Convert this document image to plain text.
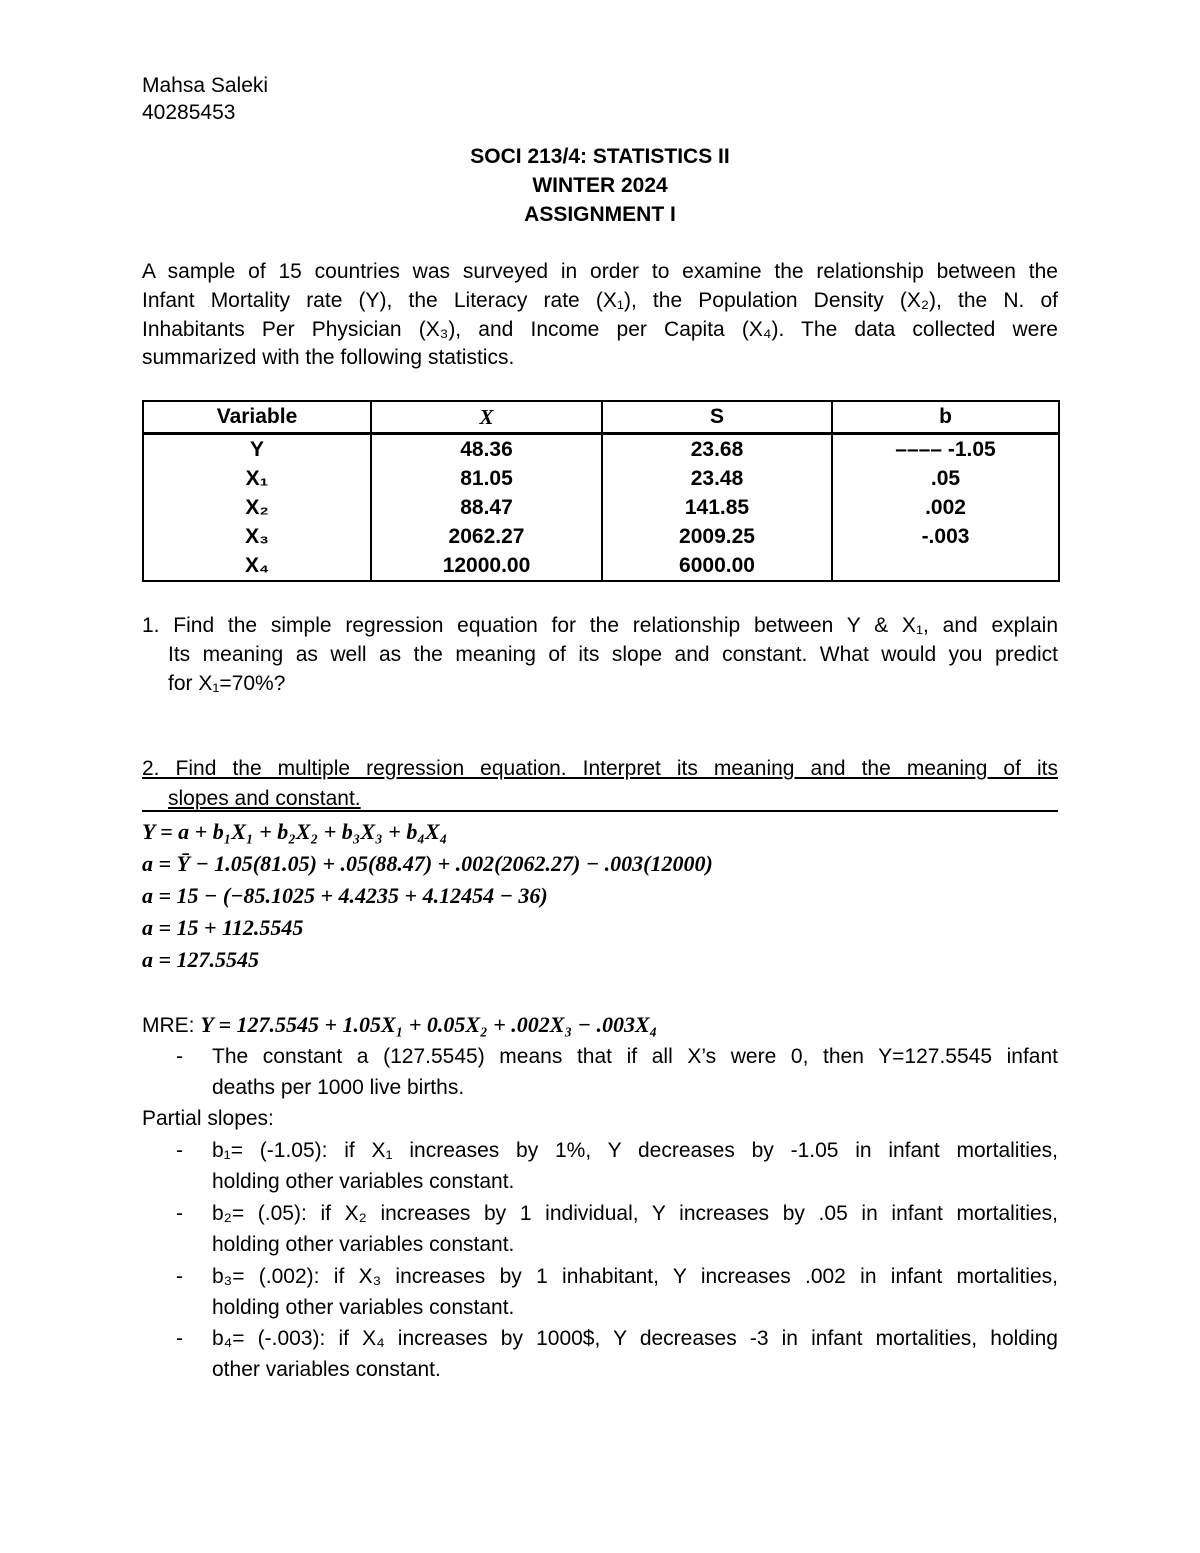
Mahsa Saleki
40285453
SOCI 213/4: STATISTICS II
WINTER 2024
ASSIGNMENT I
A sample of 15 countries was surveyed in order to examine the relationship between the
Infant Mortality rate (Y), the Literacy rate (X₁), the Population Density (X₂), the N. of
Inhabitants Per Physician (X₃), and Income per Capita (X₄). The data collected were
summarized with the following statistics.
Variable	X	S	b
Y	48.36	23.68	–––– -1.05
X₁	81.05	23.48	.05
X₂	88.47	141.85	.002
X₃	2062.27	2009.25	-.003
X₄	12000.00	6000.00	
1. Find the simple regression equation for the relationship between Y & X₁, and explain
Its meaning as well as the meaning of its slope and constant. What would you predict
for X₁=70%?
2. Find the multiple regression equation. Interpret its meaning and the meaning of its
slopes and constant.
Y = a + b₁X₁ + b₂X₂ + b₃X₃ + b₄X₄
a = Ȳ − 1.05(81.05) + .05(88.47) + .002(2062.27) − .003(12000)
a = 15 − (−85.1025 + 4.4235 + 4.12454 − 36)
a = 15 + 112.5545
a = 127.5545
MRE: Y = 127.5545 + 1.05X₁ + 0.05X₂ + .002X₃ − .003X₄
- The constant a (127.5545) means that if all X’s were 0, then Y=127.5545 infant
deaths per 1000 live births.
Partial slopes:
- b₁= (-1.05): if X₁ increases by 1%, Y decreases by -1.05 in infant mortalities,
holding other variables constant.
- b₂= (.05): if X₂ increases by 1 individual, Y increases by .05 in infant mortalities,
holding other variables constant.
- b₃= (.002): if X₃ increases by 1 inhabitant, Y increases .002 in infant mortalities,
holding other variables constant.
- b₄= (-.003): if X₄ increases by 1000$, Y decreases -3 in infant mortalities, holding
other variables constant.
